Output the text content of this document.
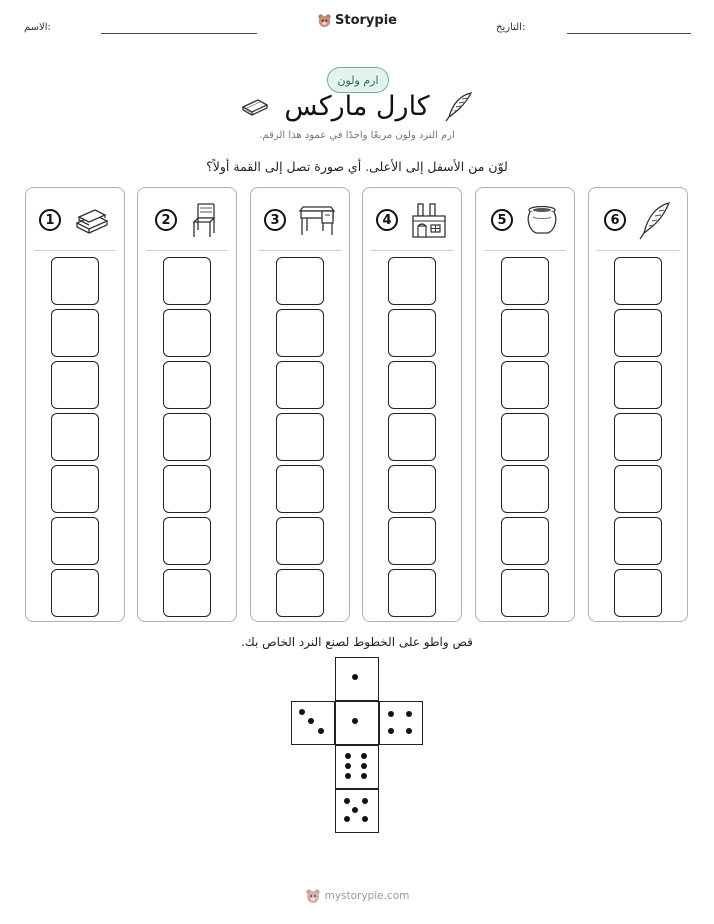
الاسم:	التاريخ:
Storypie
ارم ولون
كارل ماركس
ارم النرد ولون مربعًا واحدًا في عمود هذا الرقم.
لوّن من الأسفل إلى الأعلى. أي صورة تصل إلى القمة أولاً؟
1	2	3	4	5	6
قص واطو على الخطوط لصنع النرد الخاص بك.
mystorypie.com
